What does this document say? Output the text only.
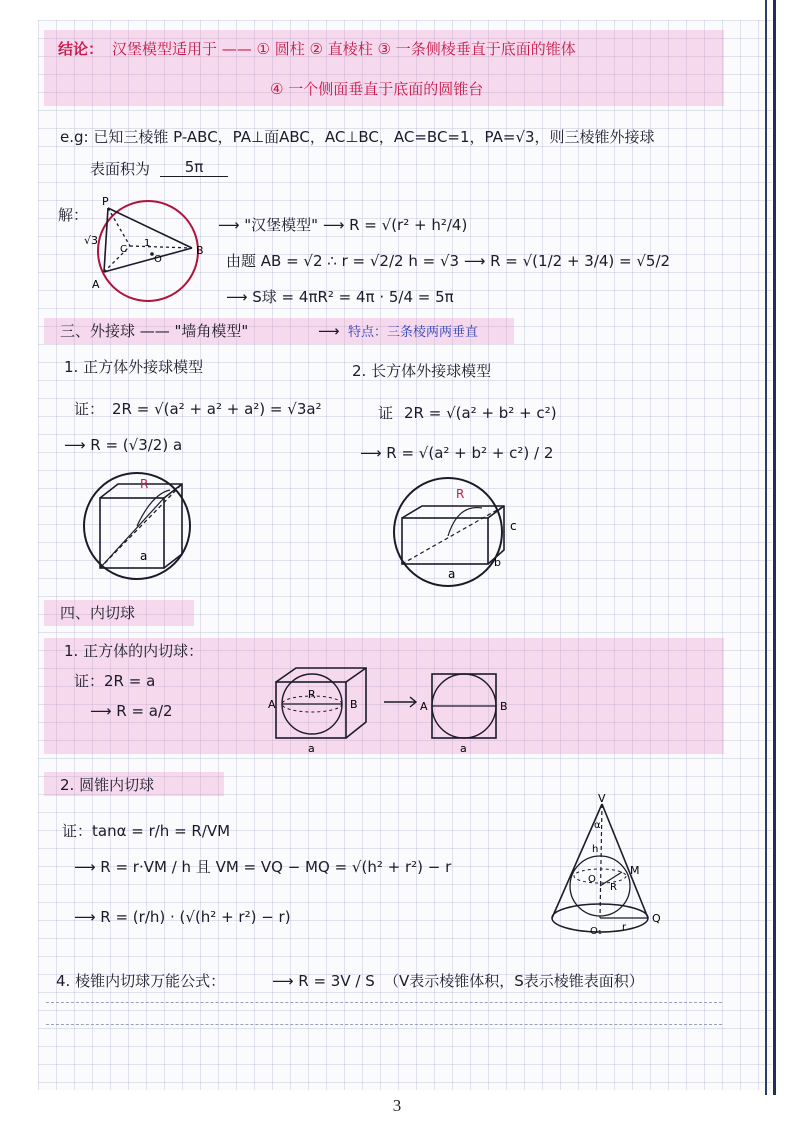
结论： 汉堡模型适用于 —— ① 圆柱 ② 直棱柱 ③ 一条侧棱垂直于底面的锥体
④ 一个侧面垂直于底面的圆锥台
e.g: 已知三棱锥 P-ABC，PA⊥面ABC，AC⊥BC，AC=BC=1，PA=√3，则三棱锥外接球
表面积为	5π
解：
P
√3
A
B
C
1
O
⟶ "汉堡模型" ⟶ R = √(r² + h²/4)
由题 AB = √2 ∴ r = √2/2 h = √3 ⟶ R = √(1/2 + 3/4) = √5/2
⟶ S球 = 4πR² = 4π · 5/4 = 5π
三、外接球 —— "墙角模型"	⟶ 特点：三条棱两两垂直
1. 正方体外接球模型
证： 2R = √(a² + a² + a²) = √3a²
⟶ R = (√3/2) a
R
a
2. 长方体外接球模型
证 2R = √(a² + b² + c²)
⟶ R = √(a² + b² + c²) / 2
R
a
b
c
四、内切球
1. 正方体的内切球：
证： 2R = a
⟶ R = a/2	A
R
B
a
A	B
a
2. 圆锥内切球
证： tanα = r/h = R/VM
⟶ R = r·VM / h 且 VM = VQ − MQ = √(h² + r²) − r
⟶ R = (r/h) · (√(h² + r²) − r)
V
α
h
M
O
R
O₁ r
Q
4. 棱锥内切球万能公式：	⟶ R = 3V / S （V表示棱锥体积，S表示棱锥表面积）
3
